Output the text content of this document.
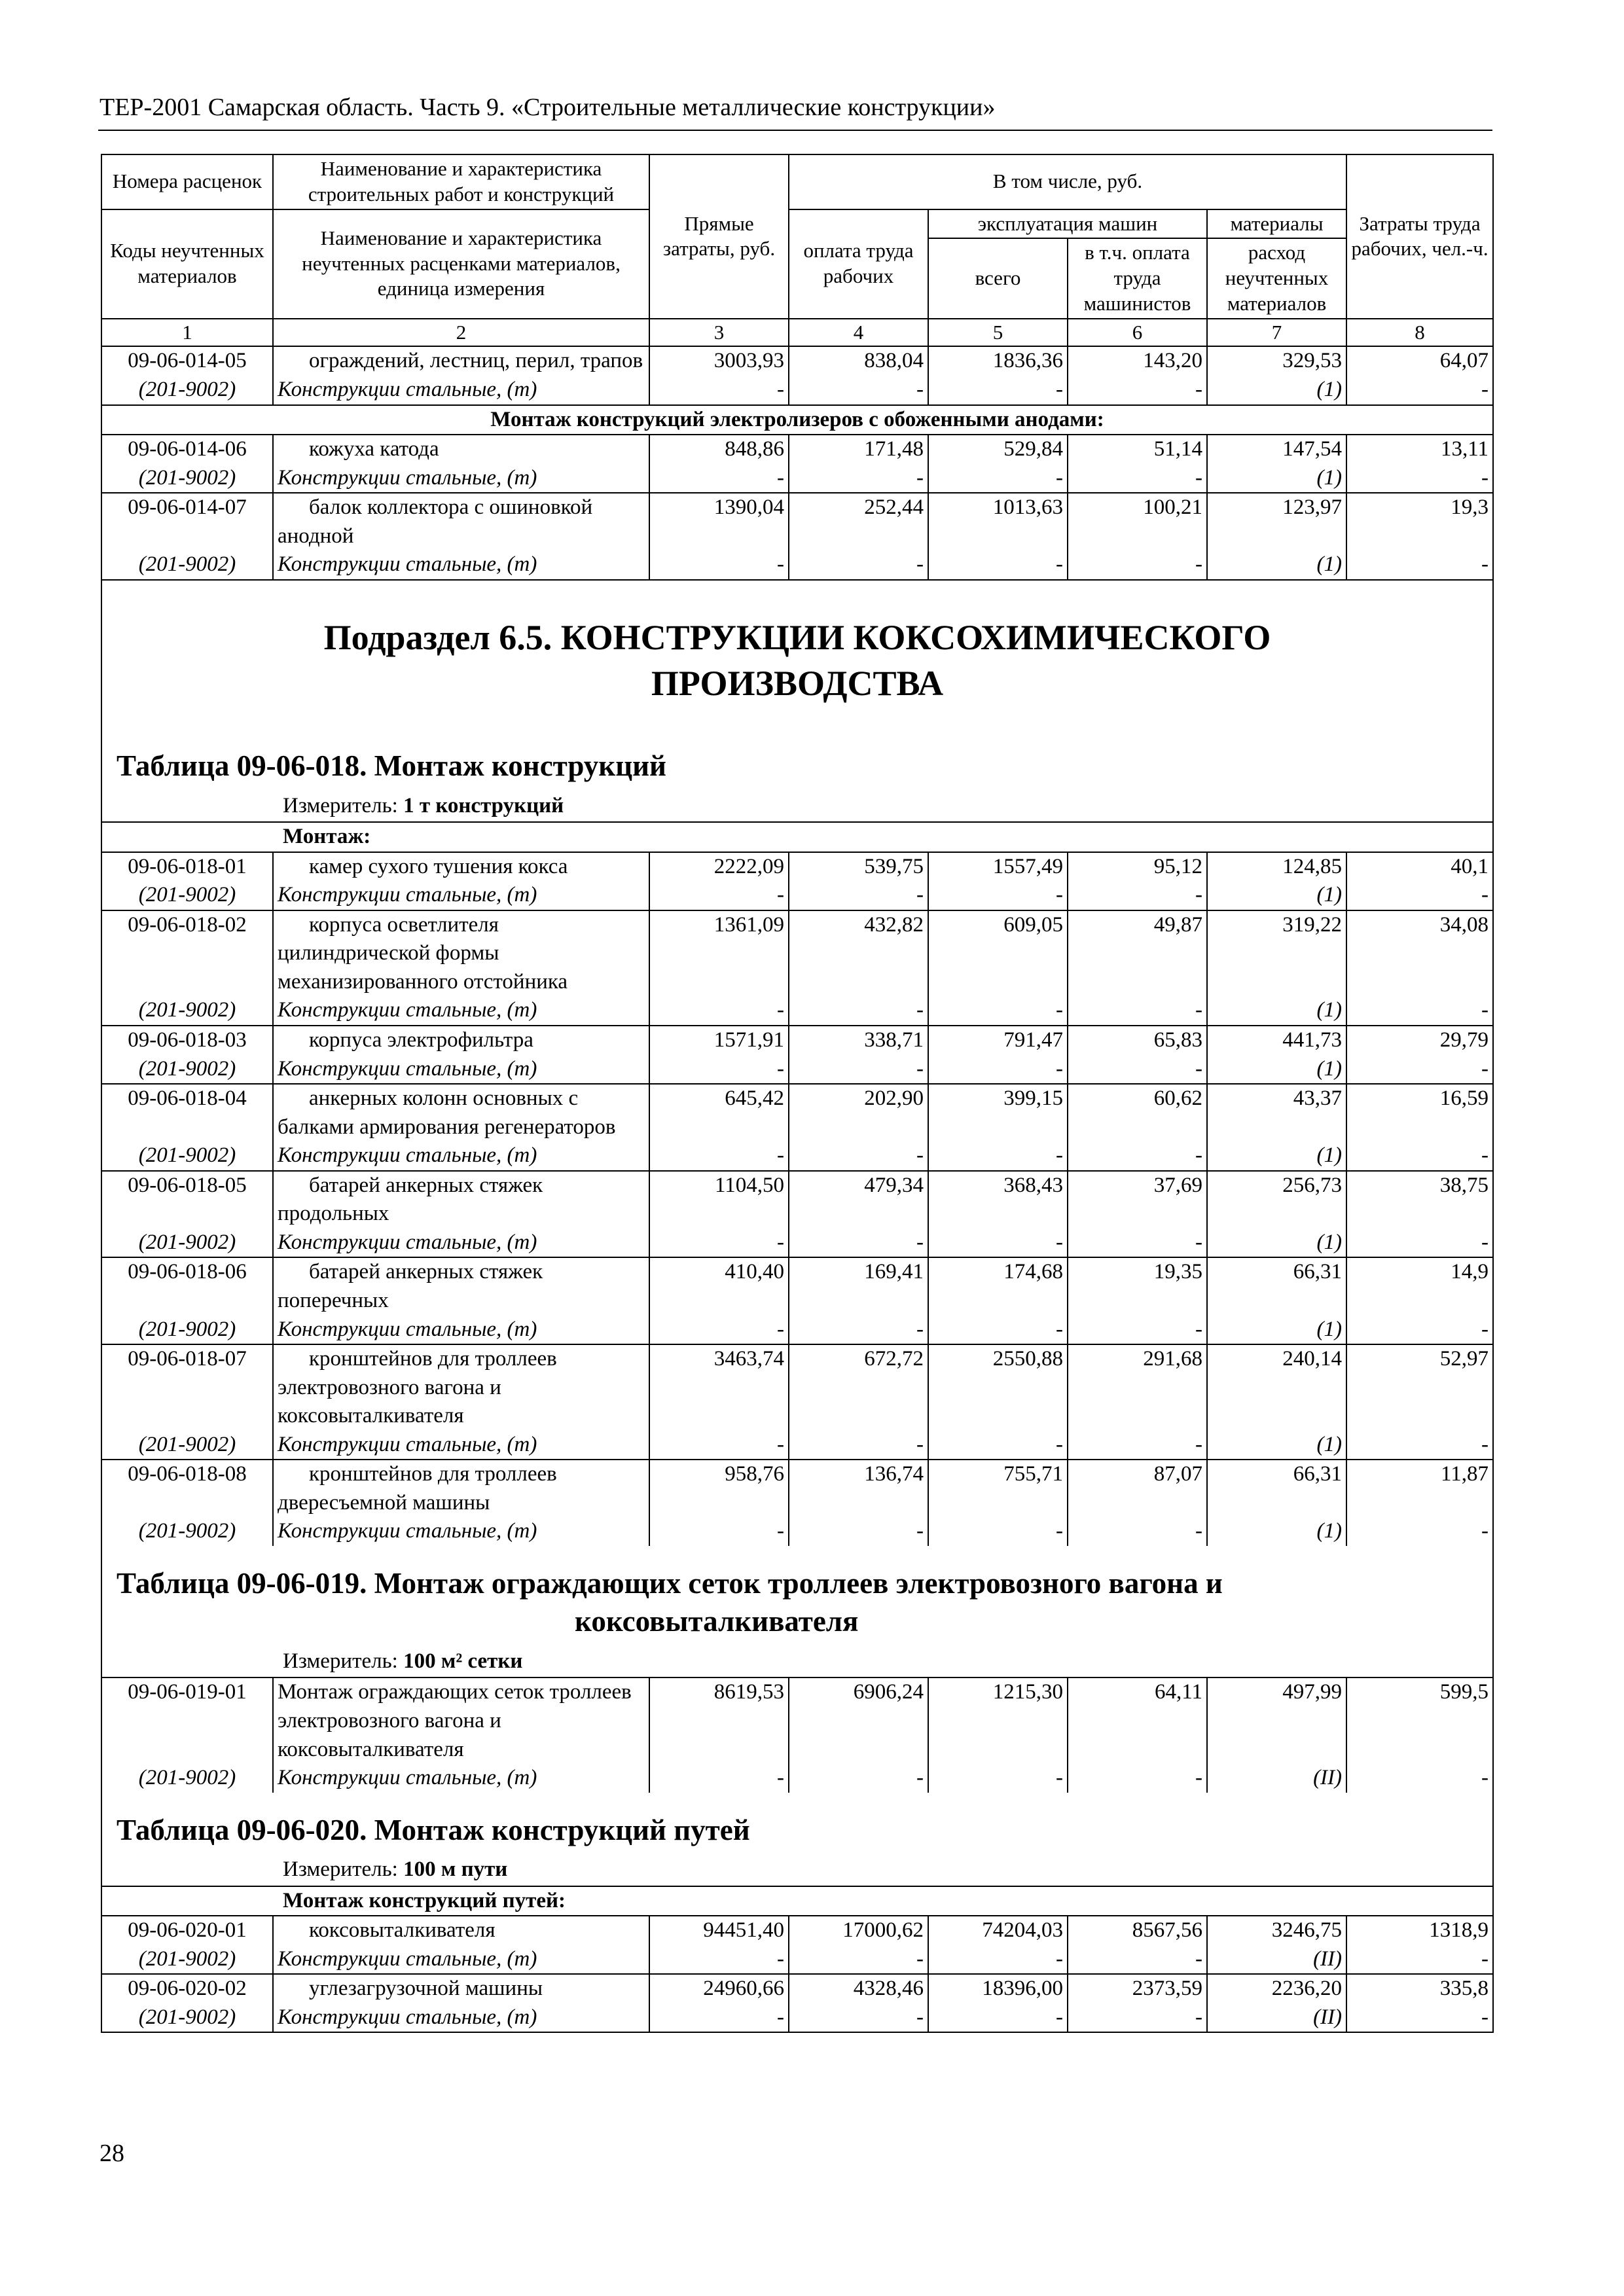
ТЕР-2001 Самарская область. Часть 9. «Строительные металлические конструкции»
Номера расценок	Наименование и характеристика строительных работ и конструкций	Прямые затраты, руб.	В том числе, руб.				Затраты труда рабочих, чел.-ч.
Коды неучтенных материалов	Наименование и характеристика неучтенных расценками материалов, единица измерения		оплата труда рабочих	эксплуатация машин		материалы	
				всего	в т.ч. оплата труда машинистов	расход неучтенных материалов	
1	2	3	4	5	6	7	8
09-06-014-05	ограждений, лестниц, перил, трапов	3003,93	838,04	1836,36	143,20	329,53	64,07
(201-9002)	Конструкции стальные, (т)	-	-	-	-	(1)	-
Монтаж конструкций электролизеров с обоженными анодами:							
09-06-014-06	кожуха катода	848,86	171,48	529,84	51,14	147,54	13,11
(201-9002)	Конструкции стальные, (т)	-	-	-	-	(1)	-
09-06-014-07	балок коллектора с ошиновкой анодной	1390,04	252,44	1013,63	100,21	123,97	19,3
(201-9002)	Конструкции стальные, (т)	-	-	-	-	(1)	-

Подраздел 6.5. КОНСТРУКЦИИ КОКСОХИМИЧЕСКОГО
ПРОИЗВОДСТВА
Таблица 09-06-018. Монтаж конструкций
Измеритель: 1 т конструкций							

Монтаж:							
09-06-018-01	камер сухого тушения кокса	2222,09	539,75	1557,49	95,12	124,85	40,1
(201-9002)	Конструкции стальные, (т)	-	-	-	-	(1)	-
09-06-018-02	корпуса осветлителя цилиндрической формы механизированного отстойника	1361,09	432,82	609,05	49,87	319,22	34,08
(201-9002)	Конструкции стальные, (т)	-	-	-	-	(1)	-
09-06-018-03	корпуса электрофильтра	1571,91	338,71	791,47	65,83	441,73	29,79
(201-9002)	Конструкции стальные, (т)	-	-	-	-	(1)	-
09-06-018-04	анкерных колонн основных с балками армирования регенераторов	645,42	202,90	399,15	60,62	43,37	16,59
(201-9002)	Конструкции стальные, (т)	-	-	-	-	(1)	-
09-06-018-05	батарей анкерных стяжек продольных	1104,50	479,34	368,43	37,69	256,73	38,75
(201-9002)	Конструкции стальные, (т)	-	-	-	-	(1)	-
09-06-018-06	батарей анкерных стяжек поперечных	410,40	169,41	174,68	19,35	66,31	14,9
(201-9002)	Конструкции стальные, (т)	-	-	-	-	(1)	-
09-06-018-07	кронштейнов для троллеев электровозного вагона и коксовыталкивателя	3463,74	672,72	2550,88	291,68	240,14	52,97
(201-9002)	Конструкции стальные, (т)	-	-	-	-	(1)	-
09-06-018-08	кронштейнов для троллеев двересъемной машины	958,76	136,74	755,71	87,07	66,31	11,87
(201-9002)	Конструкции стальные, (т)	-	-	-	-	(1)	-

Таблица 09-06-019. Монтаж ограждающих сеток троллеев электровозного вагона и
коксовыталкивателя
Измеритель: 100 м² сетки							

09-06-019-01	Монтаж ограждающих сеток троллеев электровозного вагона и коксовыталкивателя	8619,53	6906,24	1215,30	64,11	497,99	599,5
(201-9002)	Конструкции стальные, (т)	-	-	-	-	(II)	-

Таблица 09-06-020. Монтаж конструкций путей
Измеритель: 100 м пути							

Монтаж конструкций путей:							
09-06-020-01	коксовыталкивателя	94451,40	17000,62	74204,03	8567,56	3246,75	1318,9
(201-9002)	Конструкции стальные, (т)	-	-	-	-	(II)	-
09-06-020-02	углезагрузочной машины	24960,66	4328,46	18396,00	2373,59	2236,20	335,8
(201-9002)	Конструкции стальные, (т)	-	-	-	-	(II)	-
28
